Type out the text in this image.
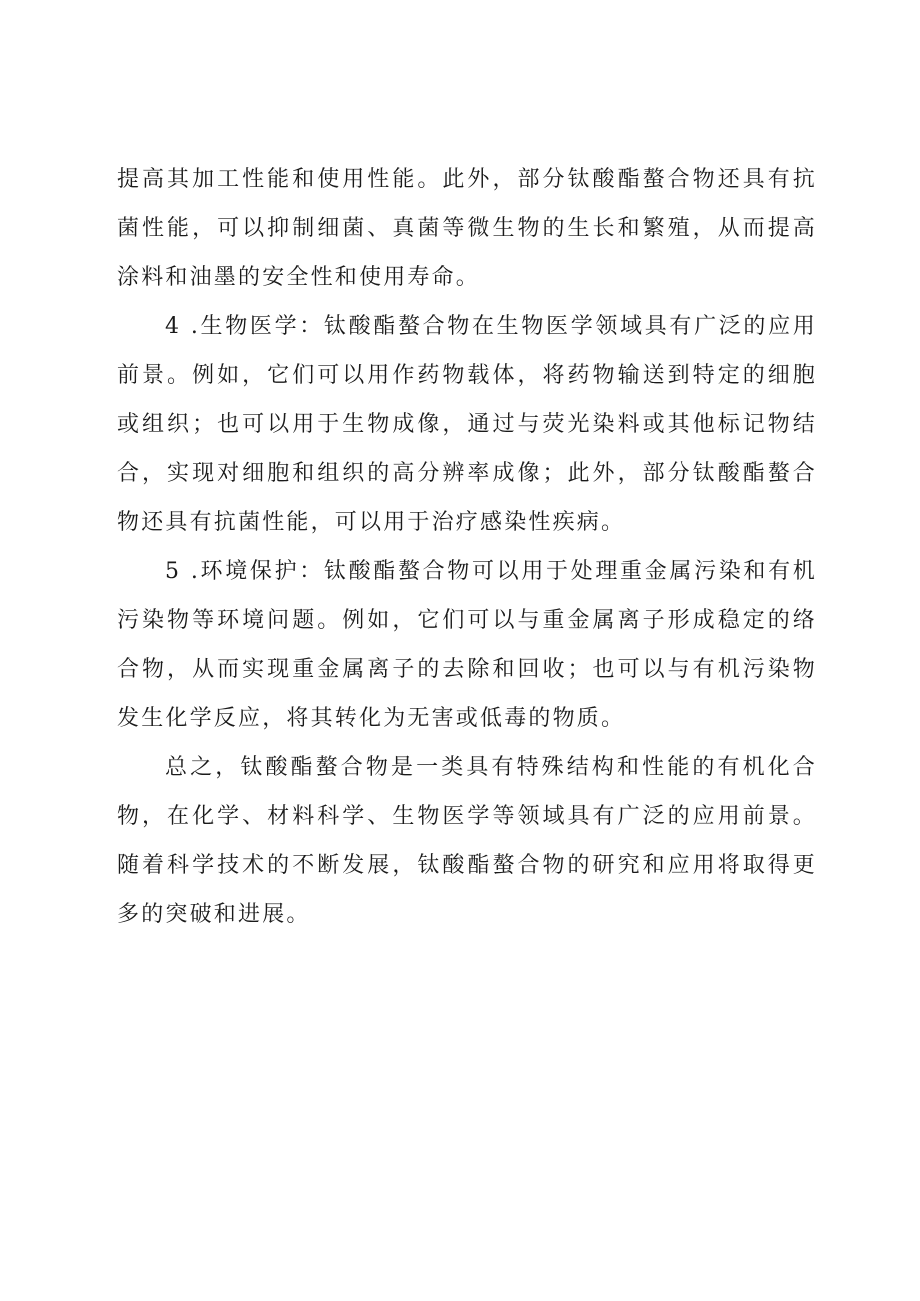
提高其加工性能和使用性能。此外，部分钛酸酯螯合物还具有抗菌性能，可以抑制细菌、真菌等微生物的生长和繁殖，从而提高涂料和油墨的安全性和使用寿命。

4 .生物医学：钛酸酯螯合物在生物医学领域具有广泛的应用前景。例如，它们可以用作药物载体，将药物输送到特定的细胞或组织；也可以用于生物成像，通过与荧光染料或其他标记物结合，实现对细胞和组织的高分辨率成像；此外，部分钛酸酯螯合物还具有抗菌性能，可以用于治疗感染性疾病。

5 .环境保护：钛酸酯螯合物可以用于处理重金属污染和有机污染物等环境问题。例如，它们可以与重金属离子形成稳定的络合物，从而实现重金属离子的去除和回收；也可以与有机污染物发生化学反应，将其转化为无害或低毒的物质。

总之，钛酸酯螯合物是一类具有特殊结构和性能的有机化合物，在化学、材料科学、生物医学等领域具有广泛的应用前景。随着科学技术的不断发展，钛酸酯螯合物的研究和应用将取得更多的突破和进展。
